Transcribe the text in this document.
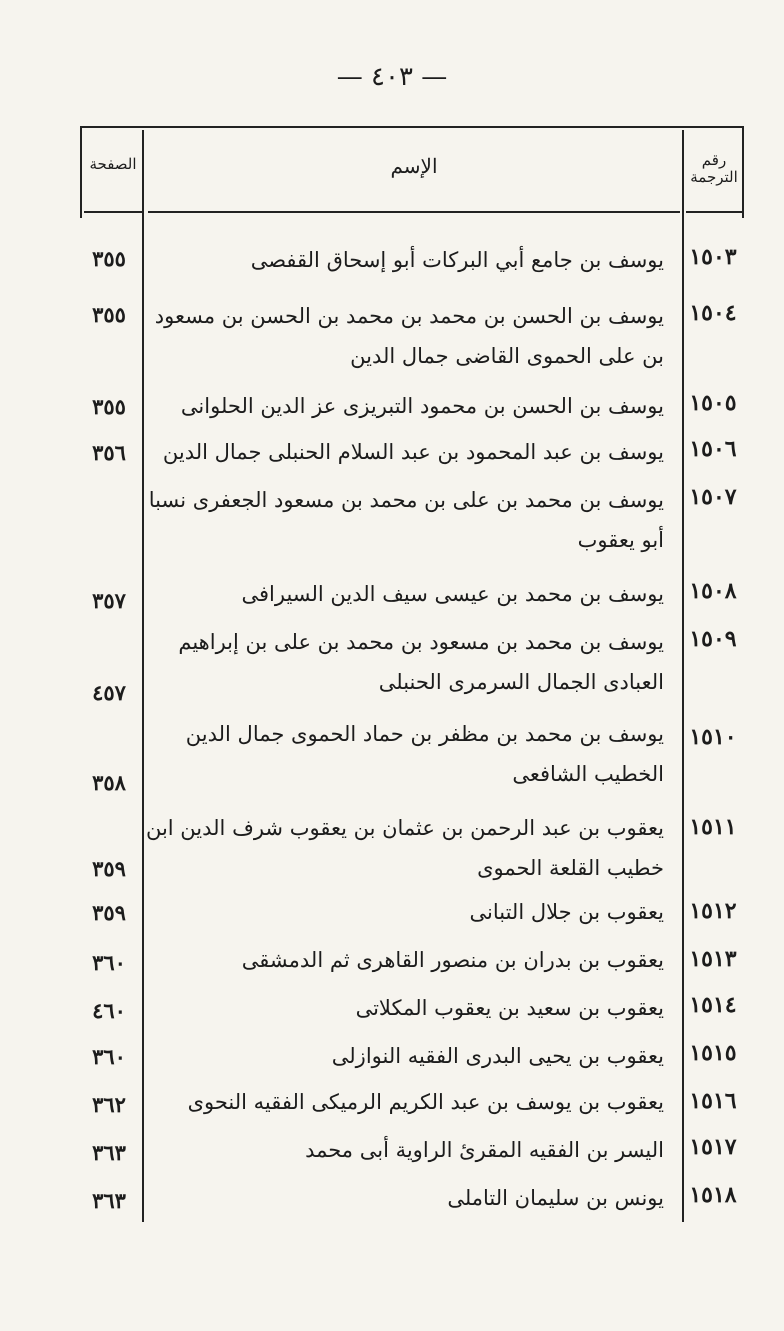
— ٤٠٣ —
الصفحة	الإسم	رقم الترجمة
١٥٠٣
يوسف بن جامع أبي البركات أبو إسحاق القفصى
٣٥٥
١٥٠٤
يوسف بن الحسن بن محمد بن محمد بن الحسن بن مسعود بن على الحموى القاضى جمال الدين
٣٥٥
١٥٠٥
يوسف بن الحسن بن محمود التبريزى عز الدين الحلوانى
٣٥٥
١٥٠٦
يوسف بن عبد المحمود بن عبد السلام الحنبلى جمال الدين
٣٥٦
١٥٠٧
يوسف بن محمد بن على بن محمد بن مسعود الجعفرى نسبا أبو يعقوب
١٥٠٨
يوسف بن محمد بن عيسى سيف الدين السيرافى
٣٥٧
١٥٠٩
يوسف بن محمد بن مسعود بن محمد بن على بن إبراهيم العبادى الجمال السرمرى الحنبلى
٤٥٧
١٥١٠
يوسف بن محمد بن مظفر بن حماد الحموى جمال الدين الخطيب الشافعى
٣٥٨
١٥١١
يعقوب بن عبد الرحمن بن عثمان بن يعقوب شرف الدين ابن خطيب القلعة الحموى
٣٥٩
١٥١٢
يعقوب بن جلال التبانى
٣٥٩
١٥١٣
يعقوب بن بدران بن منصور القاهرى ثم الدمشقى
٣٦٠
١٥١٤
يعقوب بن سعيد بن يعقوب المكلاتى
٤٦٠
١٥١٥
يعقوب بن يحيى البدرى الفقيه النوازلى
٣٦٠
١٥١٦
يعقوب بن يوسف بن عبد الكريم الرميكى الفقيه النحوى
٣٦٢
١٥١٧
اليسر بن الفقيه المقرئ الراوية أبى محمد
٣٦٣
١٥١٨
يونس بن سليمان التاملى
٣٦٣
